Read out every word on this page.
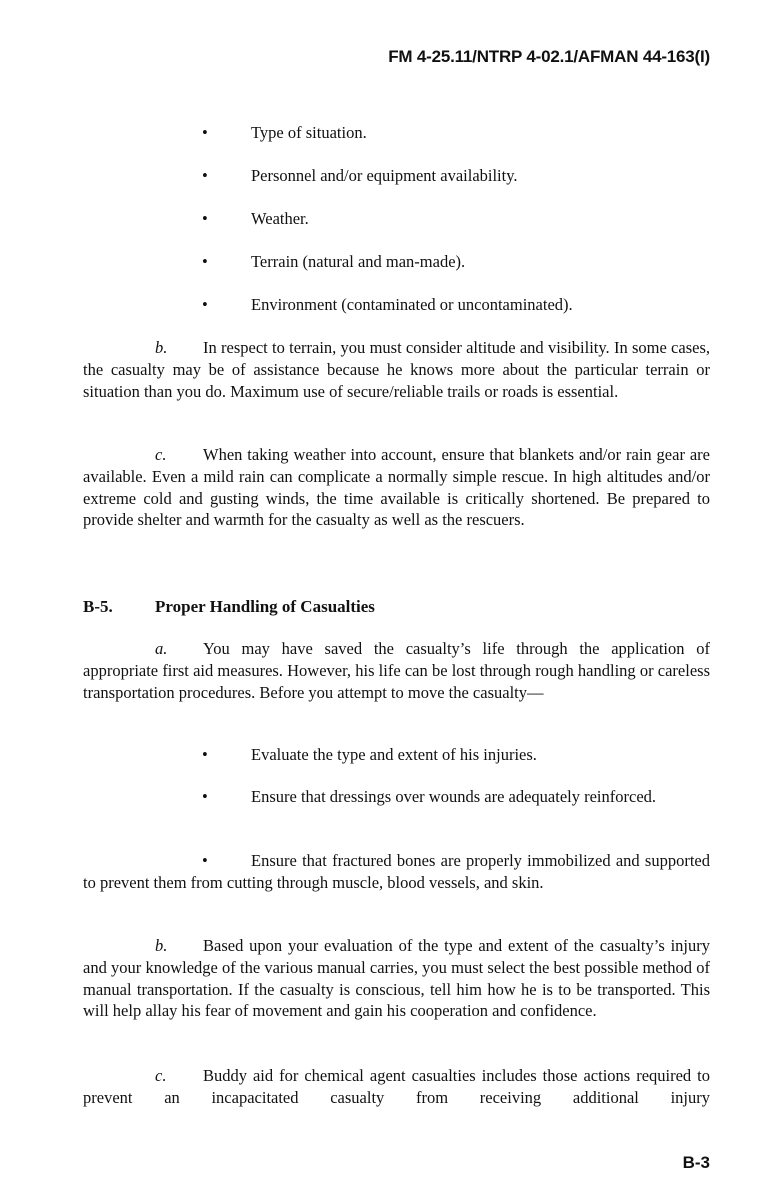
FM 4-25.11/NTRP 4-02.1/AFMAN 44-163(I)
•	Type of situation.
•	Personnel and/or equipment availability.
•	Weather.
•	Terrain (natural and man-made).
•	Environment (contaminated or uncontaminated).
b. In respect to terrain, you must consider altitude and visibility. In some cases, the casualty may be of assistance because he knows more about the particular terrain or situation than you do. Maximum use of secure/reliable trails or roads is essential.
c. When taking weather into account, ensure that blankets and/or rain gear are available. Even a mild rain can complicate a normally simple rescue. In high altitudes and/or extreme cold and gusting winds, the time available is critically shortened. Be prepared to provide shelter and warmth for the casualty as well as the rescuers.
B-5. Proper Handling of Casualties
a. You may have saved the casualty’s life through the application of appropriate first aid measures. However, his life can be lost through rough handling or careless transportation procedures. Before you attempt to move the casualty—
•	Evaluate the type and extent of his injuries.
•	Ensure that dressings over wounds are adequately reinforced.
•	Ensure that fractured bones are properly immobilized and supported to prevent them from cutting through muscle, blood vessels, and skin.
b. Based upon your evaluation of the type and extent of the casualty’s injury and your knowledge of the various manual carries, you must select the best possible method of manual transportation. If the casualty is conscious, tell him how he is to be transported. This will help allay his fear of movement and gain his cooperation and confidence.
c. Buddy aid for chemical agent casualties includes those actions required to prevent an incapacitated casualty from receiving additional injury
B-3
